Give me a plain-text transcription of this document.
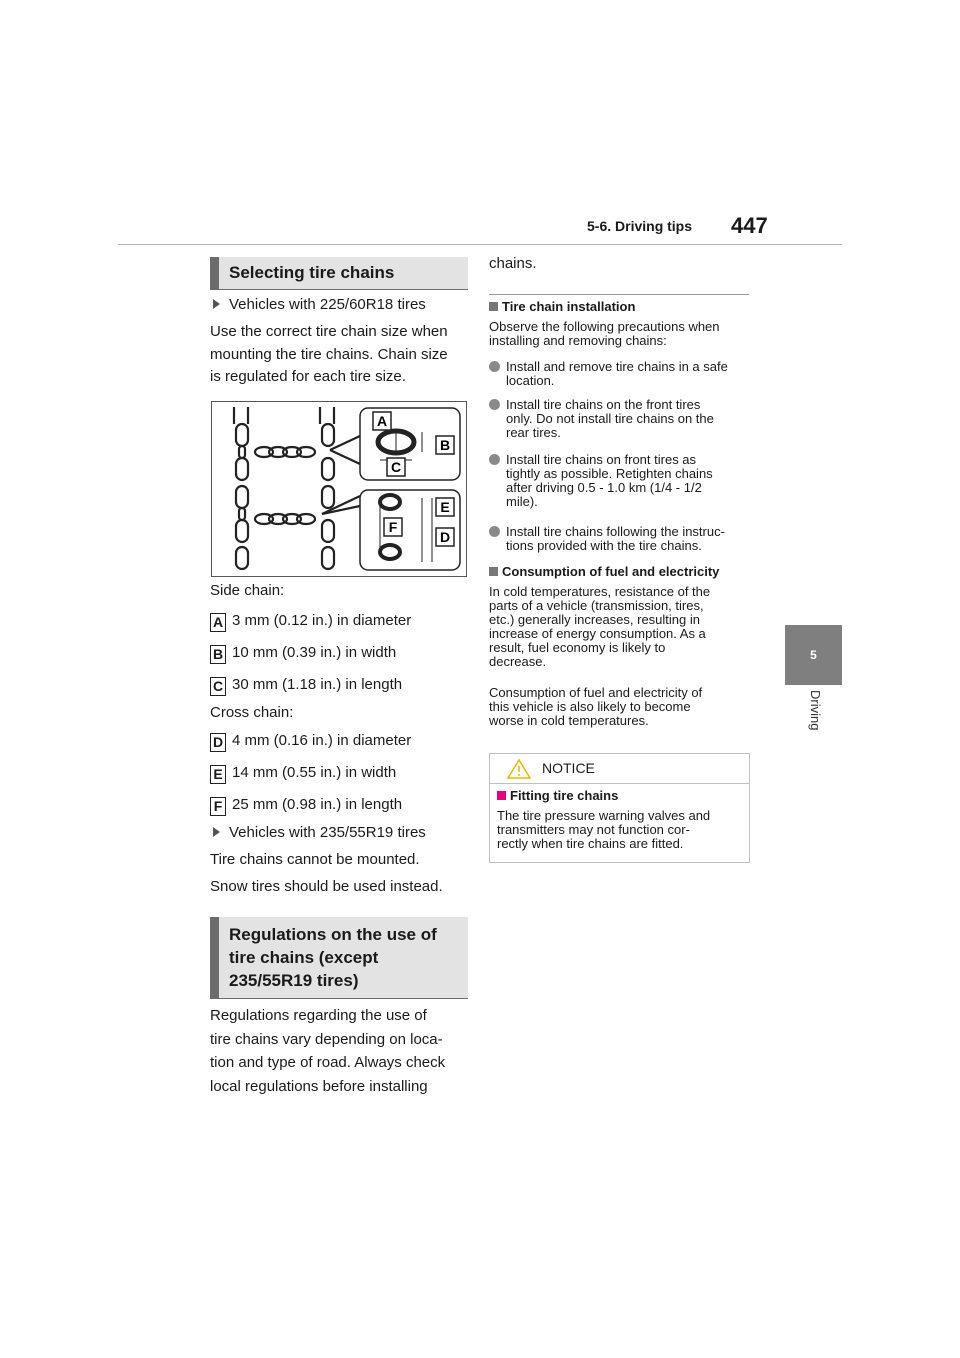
5-6. Driving tips 447
5
Driving
Selecting tire chains

Vehicles with 225/60R18 tires

Use the correct tire chain size when
mounting the tire chains. Chain size
is regulated for each tire size.

A
B
C
E
F
D

Side chain:

A 3 mm (0.12 in.) in diameter

B 10 mm (0.39 in.) in width

C 30 mm (1.18 in.) in length

Cross chain:

D 4 mm (0.16 in.) in diameter

E 14 mm (0.55 in.) in width

F 25 mm (0.98 in.) in length

Vehicles with 235/55R19 tires

Tire chains cannot be mounted.

Snow tires should be used instead.

Regulations on the use of
tire chains (except
235/55R19 tires)

Regulations regarding the use of
tire chains vary depending on loca-
tion and type of road. Always check
local regulations before installing

chains.

Tire chain installation

Observe the following precautions when
installing and removing chains:

Install and remove tire chains in a safe
location.

Install tire chains on the front tires
only. Do not install tire chains on the
rear tires.

Install tire chains on front tires as
tightly as possible. Retighten chains
after driving 0.5 - 1.0 km (1/4 - 1/2
mile).

Install tire chains following the instruc-
tions provided with the tire chains.

Consumption of fuel and electricity

In cold temperatures, resistance of the
parts of a vehicle (transmission, tires,
etc.) generally increases, resulting in
increase of energy consumption. As a
result, fuel economy is likely to
decrease.

Consumption of fuel and electricity of
this vehicle is also likely to become
worse in cold temperatures.

NOTICE
Fitting tire chains

The tire pressure warning valves and
transmitters may not function cor-
rectly when tire chains are fitted.
